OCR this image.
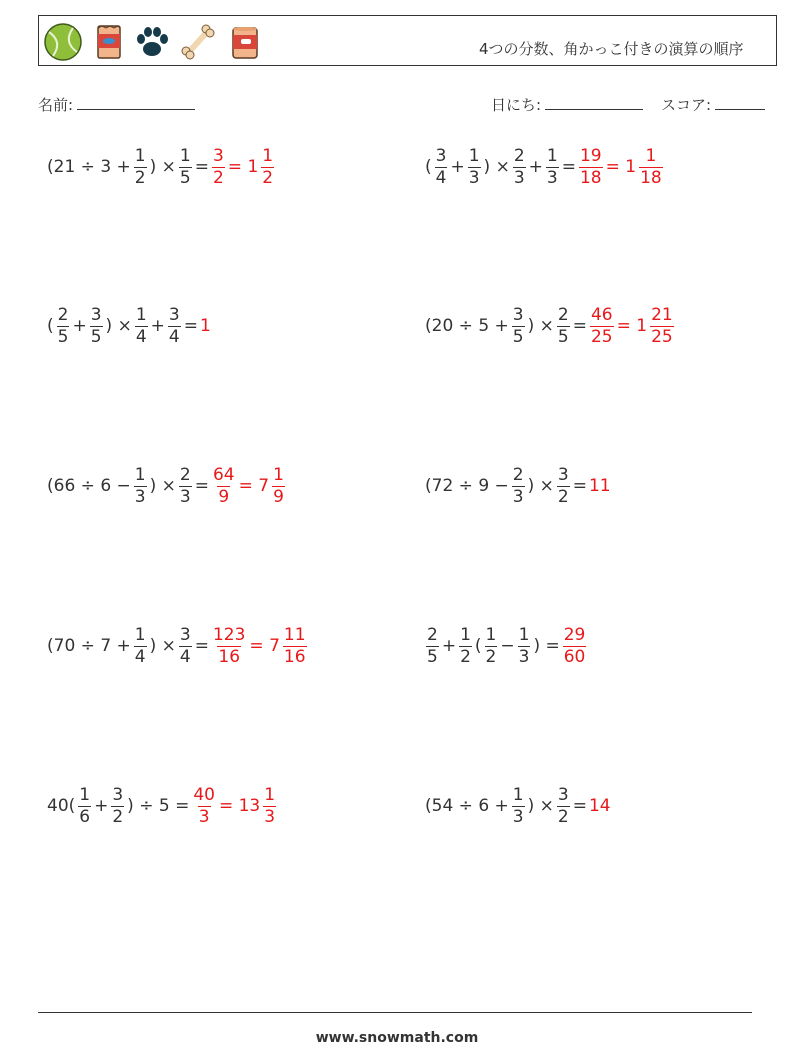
4つの分数、角かっこ付きの演算の順序
名前:	日にち:	スコア:
($21 \div 3 + \frac{1}{2}$ ) × $\frac{1}{5} = \frac{3}{2} = 1 \frac{1}{2}$	( $\frac{3}{4} + \frac{1}{3}$ ) × $\frac{2}{3} + \frac{1}{3} = \frac{19}{18} = 1 \frac{1}{18}$
( $\frac{2}{5} + \frac{3}{5}$ ) × $\frac{1}{4} + \frac{3}{4} = 1$	($20 \div 5 + \frac{3}{5}$ ) × $\frac{2}{5} = \frac{46}{25} = 1 \frac{21}{25}$
($66 \div 6 - \frac{1}{3}$ ) × $\frac{2}{3} = \frac{64}{9} = 7 \frac{1}{9}$	($72 \div 9 - \frac{2}{3}$ ) × $\frac{3}{2} = 11$
($70 \div 7 + \frac{1}{4}$ ) × $\frac{3}{4} = \frac{123}{16} = 7 \frac{11}{16}$	$\frac{2}{5} + \frac{1}{2}$ ( $\frac{1}{2} - \frac{1}{3}$ ) = $\frac{29}{60}$
$40( \frac{1}{6} + \frac{3}{2}$ ) ÷ $5 = \frac{40}{3} = 13 \frac{1}{3}$	($54 \div 6 + \frac{1}{3}$ ) × $\frac{3}{2} = 14$
www.snowmath.com
